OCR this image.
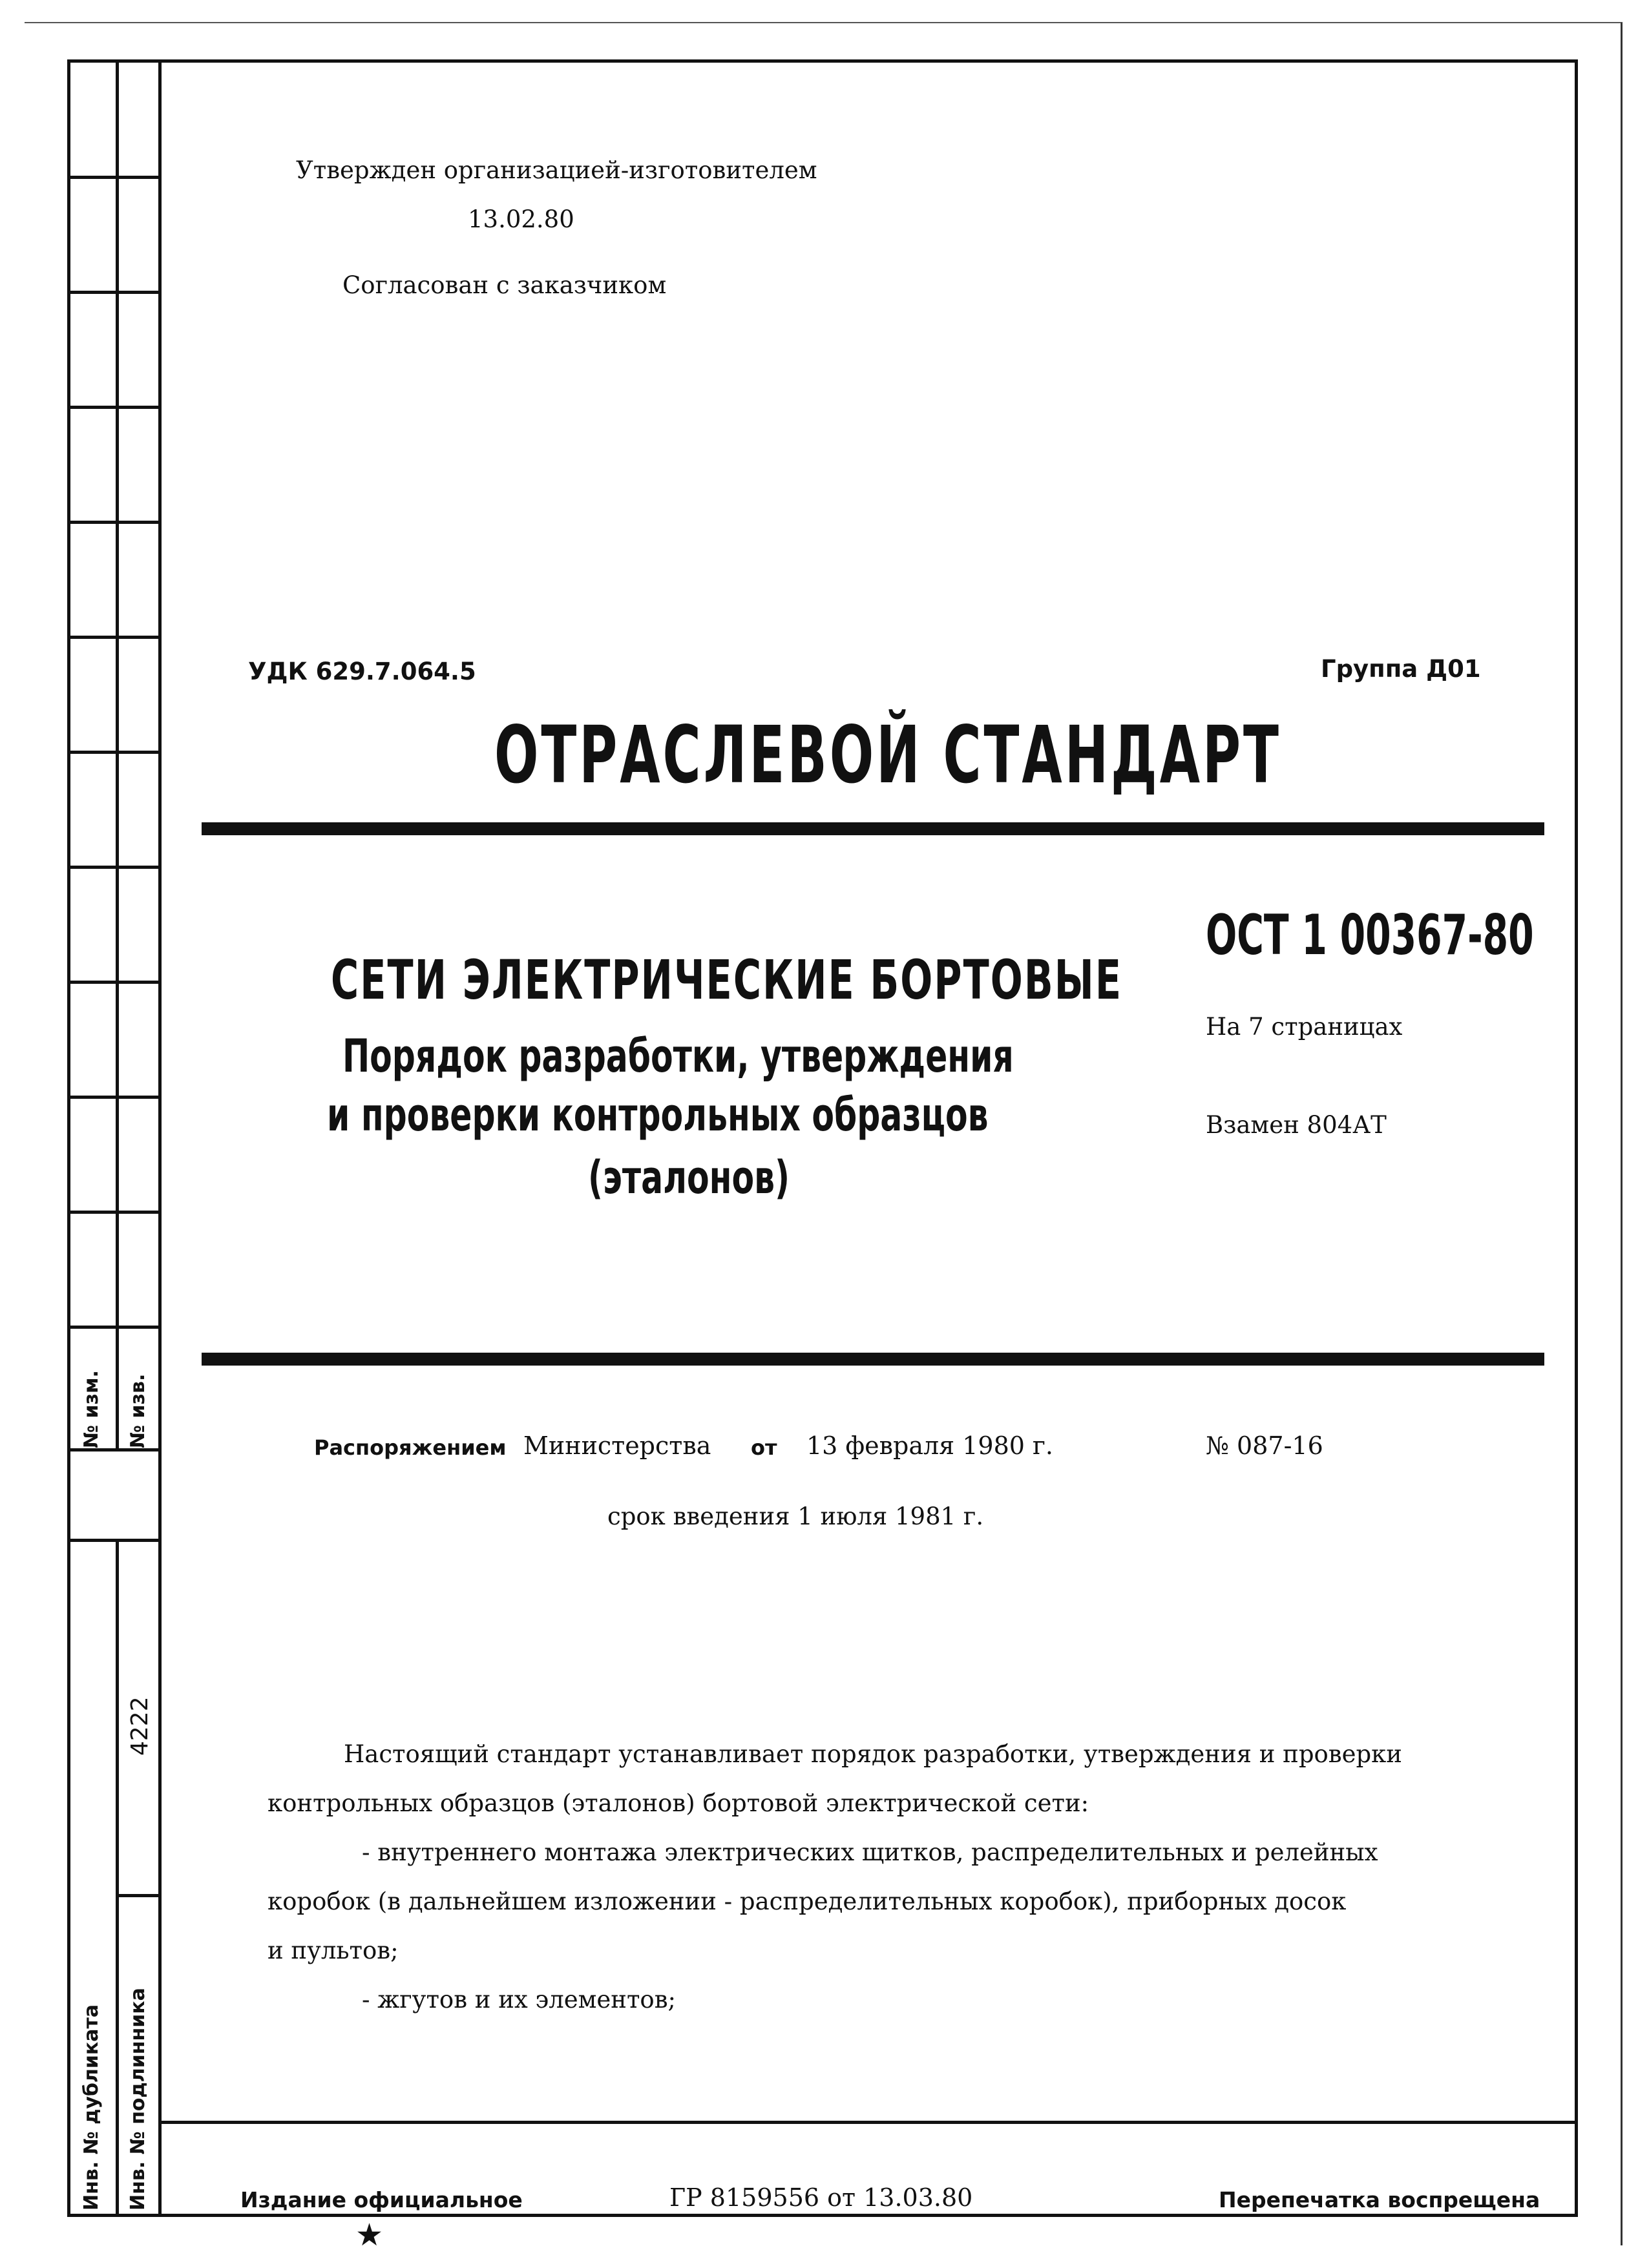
№ изм. № изв.
4222
Инв. № дубликата Инв. № подлинника
Утвержден организацией-изготовителем
13.02.80
Согласован с заказчиком
УДК 629.7.064.5	Группа Д01
ОТРАСЛЕВОЙ СТАНДАРТ
СЕТИ ЭЛЕКТРИЧЕСКИЕ БОРТОВЫЕ
Порядок разработки, утверждения
и проверки контрольных образцов
(эталонов)
ОСТ 1 00367-80
На 7 страницах
Взамен 804АТ
Распоряжением Министерства от 13 февраля 1980 г.	№ 087-16
срок введения 1 июля 1981 г.
Настоящий стандарт устанавливает порядок разработки, утверждения и проверки
контрольных образцов (эталонов) бортовой электрической сети:
- внутреннего монтажа электрических щитков, распределительных и релейных
коробок (в дальнейшем изложении - распределительных коробок), приборных досок
и пультов;
- жгутов и их элементов;
Издание официальное
★
ГР 8159556 от 13.03.80	Перепечатка воспрещена
